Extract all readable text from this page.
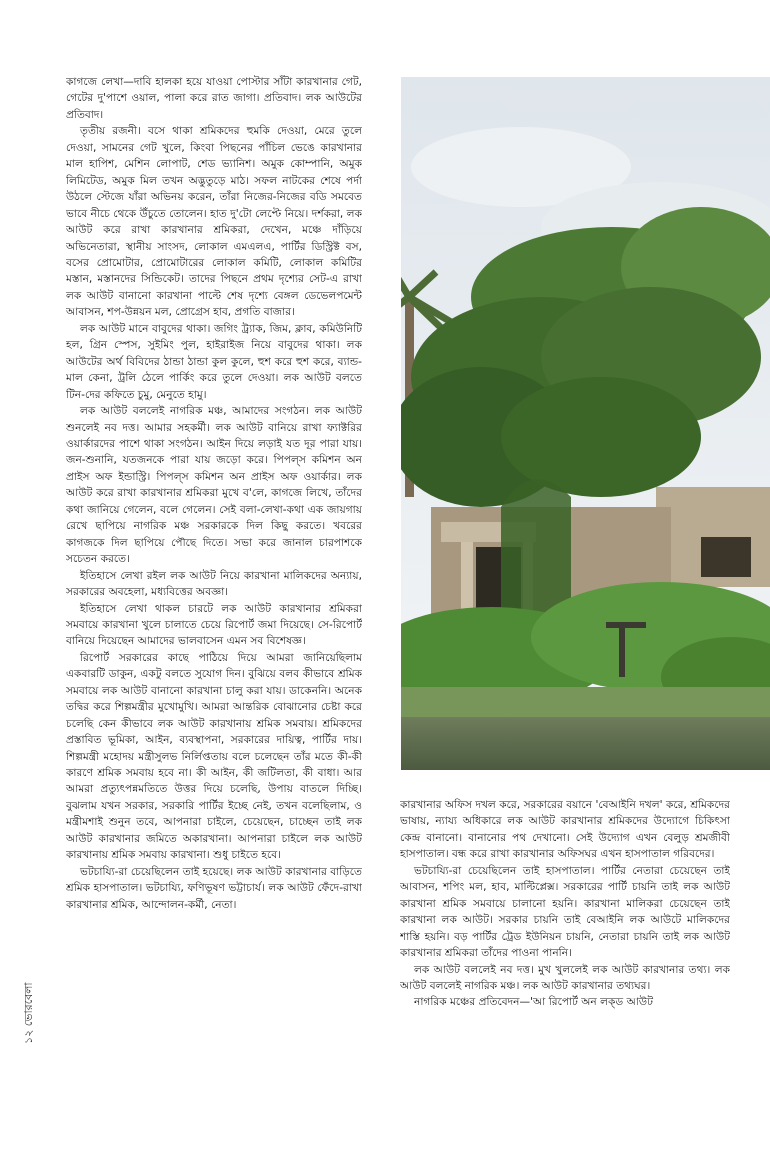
কাগজে লেখা—দাবি হালকা হয়ে যাওয়া পোস্টার সাঁটা কারখানার গেট, গেটের দু'পাশে ওয়াল, পালা করে রাত জাগা। প্রতিবাদ। লক আউটের প্রতিবাদ।

তৃতীয় রজনী। বসে থাকা শ্রমিকদের হুমকি দেওয়া, মেরে তুলে দেওয়া, সামনের গেট খুলে, কিংবা পিছনের পাঁচিল ভেঙে কারখানার মাল হাপিশ, মেশিন লোপাট, শেড ভ্যানিশ। অমুক কোম্পানি, অমুক লিমিটেড, অমুক মিল তখন অদ্ভুতুড়ে মাঠ। সফল নাটকের শেষে পর্দা উঠলে স্টেজে যাঁরা অভিনয় করেন, তাঁরা নিজের-নিজের বডি সমবেত ভাবে নীচে থেকে উঁচুতে তোলেন। হাত দু'টো লেপ্টে নিয়ে। দর্শকরা, লক আউট করে রাখা কারখানার শ্রমিকরা, দেখেন, মঞ্চে দাঁড়িয়ে অভিনেতারা, স্থানীয় সাংসদ, লোকাল এমএলএ, পার্টির ডিস্ট্রিক্ট বস, বসের প্রোমোটার, প্রোমোটারের লোকাল কমিটি, লোকাল কমিটির মস্তান, মস্তানদের সিন্ডিকেট। তাদের পিছনে প্রথম দৃশ্যের সেট-এ রাখা লক আউট বানানো কারখানা পাল্টে শেষ দৃশ্যে বেঙ্গল ডেভেলপমেন্ট আবাসন, শপ-উন্নয়ন মল, প্রোগ্রেস হাব, প্রগতি বাজার।

লক আউট মানে বাবুদের থাকা। জগিং ট্র্যাক, জিম, ক্লাব, কমিউনিটি হল, গ্রিন স্পেস, সুইমিং পুল, হাইরাইজ নিয়ে বাবুদের থাকা। লক আউটের অর্থ বিবিদের ঠান্ডা ঠান্ডা কুল কুলে, হুশ করে হুশ করে, ব্যান্ড-মাল কেনা, ট্রলি ঠেলে পার্কিং করে তুলে দেওয়া। লক আউট বলতে টিন-দের কফিতে চুমু, মেনুতে হামু।

লক আউট বললেই নাগরিক মঞ্চ, আমাদের সংগঠন। লক আউট শুনলেই নব দত্ত। আমার সহকর্মী। লক আউট বানিয়ে রাখা ফ্যাক্টরির ওয়ার্কারদের পাশে থাকা সংগঠন। আইন দিয়ে লড়াই যত দূর পারা যায়। জন-শুনানি, যতজনকে পারা যায় জড়ো করে। পিপল্স কমিশন অন প্রাইস অফ ইন্ডাস্ট্রি। পিপল্স কমিশন অন প্রাইস অফ ওয়ার্কার। লক আউট করে রাখা কারখানার শ্রমিকরা মুখে ব'লে, কাগজে লিখে, তাঁদের কথা জানিয়ে গেলেন, বলে গেলেন। সেই বলা-লেখা-কথা এক জায়গায় রেখে ছাপিয়ে নাগরিক মঞ্চ সরকারকে দিল কিছু করতে। খবরের কাগজকে দিল ছাপিয়ে পৌছে দিতে। সভা করে জানাল চারপাশকে সচেতন করতে।

ইতিহাসে লেখা রইল লক আউট নিয়ে কারখানা মালিকদের অন্যায়, সরকারের অবহেলা, মধ্যবিত্তের অবজ্ঞা।

ইতিহাসে লেখা থাকল চারটে লক আউট কারখানার শ্রমিকরা সমবায়ে কারখানা খুলে চালাতে চেয়ে রিপোর্ট জমা দিয়েছে। সে-রিপোর্ট বানিয়ে দিয়েছেন আমাদের ভালবাসেন এমন সব বিশেষজ্ঞ।

রিপোর্ট সরকারের কাছে পাঠিয়ে দিয়ে আমরা জানিয়েছিলাম একবারটি ডাকুন, একটু বলতে সুযোগ দিন। বুঝিয়ে বলব কীভাবে শ্রমিক সমবায়ে লক আউট বানানো কারখানা চালু করা যায়। ডাকেননি। অনেক তদ্বির করে শিল্পমন্ত্রীর মুখোমুখি। আমরা আন্তরিক বোঝানোর চেষ্টা করে চলেছি কেন কীভাবে লক আউট কারখানায় শ্রমিক সমবায়। শ্রমিকদের প্রস্তাবিত ভূমিকা, আইন, ব্যবস্থাপনা, সরকারের দায়িত্ব, পার্টির দায়। শিল্পমন্ত্রী মহোদয় মন্ত্রীসুলভ নির্লিপ্ততায় বলে চলেছেন তাঁর মতে কী-কী কারণে শ্রমিক সমবায় হবে না। কী আইন, কী জটিলতা, কী বাধা। আর আমরা প্রত্যুৎপন্নমতিতে উত্তর দিয়ে চলেছি, উপায় বাতলে দিচ্ছি। বুঝলাম যখন সরকার, সরকারি পার্টির ইচ্ছে নেই, তখন বলেছিলাম, ও মন্ত্রীমশাই শুনুন তবে, আপনারা চাইলে, চেয়েছেন, চাচ্ছেন তাই লক আউট কারখানার জমিতে অকারখানা। আপনারা চাইলে লক আউট কারখানায় শ্রমিক সমবায় কারখানা। শুধু চাইতে হবে।

ভটচায্যি-রা চেয়েছিলেন তাই হয়েছে। লক আউট কারখানার বাড়িতে শ্রমিক হাসপাতাল। ভটচায্যি, ফণিভূষণ ভট্টাচার্য। লক আউট ফেঁদে-রাখা কারখানার শ্রমিক, আন্দোলন-কর্মী, নেতা।

১২ ভোরবেলা

কারখানার অফিস দখল করে, সরকারের বয়ানে 'বেআইনি দখল' করে, শ্রমিকদের ভাষায়, ন্যায্য অধিকারে লক আউট কারখানার শ্রমিকদের উদ্যোগে চিকিৎসা কেন্দ্র বানানো। বানানোর পথ দেখানো। সেই উদ্যোগ এখন বেলুড় শ্রমজীবী হাসপাতাল। বন্ধ করে রাখা কারখানার অফিসঘর এখন হাসপাতাল গরিবদের।

ভটচায্যি-রা চেয়েছিলেন তাই হাসপাতাল। পার্টির নেতারা চেয়েছেন তাই আবাসন, শপিং মল, হাব, মাল্টিপ্লেক্স। সরকারের পার্টি চায়নি তাই লক আউট কারখানা শ্রমিক সমবায়ে চালানো হয়নি। কারখানা মালিকরা চেয়েছেন তাই কারখানা লক আউট। সরকার চায়নি তাই বেআইনি লক আউটে মালিকদের শাস্তি হয়নি। বড় পার্টির ট্রেড ইউনিয়ন চায়নি, নেতারা চায়নি তাই লক আউট কারখানার শ্রমিকরা তাঁদের পাওনা পাননি।

লক আউট বললেই নব দত্ত। মুখ খুললেই লক আউট কারখানার তথ্য। লক আউট বললেই নাগরিক মঞ্চ। লক আউট কারখানার তথ্যঘর।

নাগরিক মঞ্চের প্রতিবেদন—'আ রিপোর্ট অন লক্‌ড আউট
